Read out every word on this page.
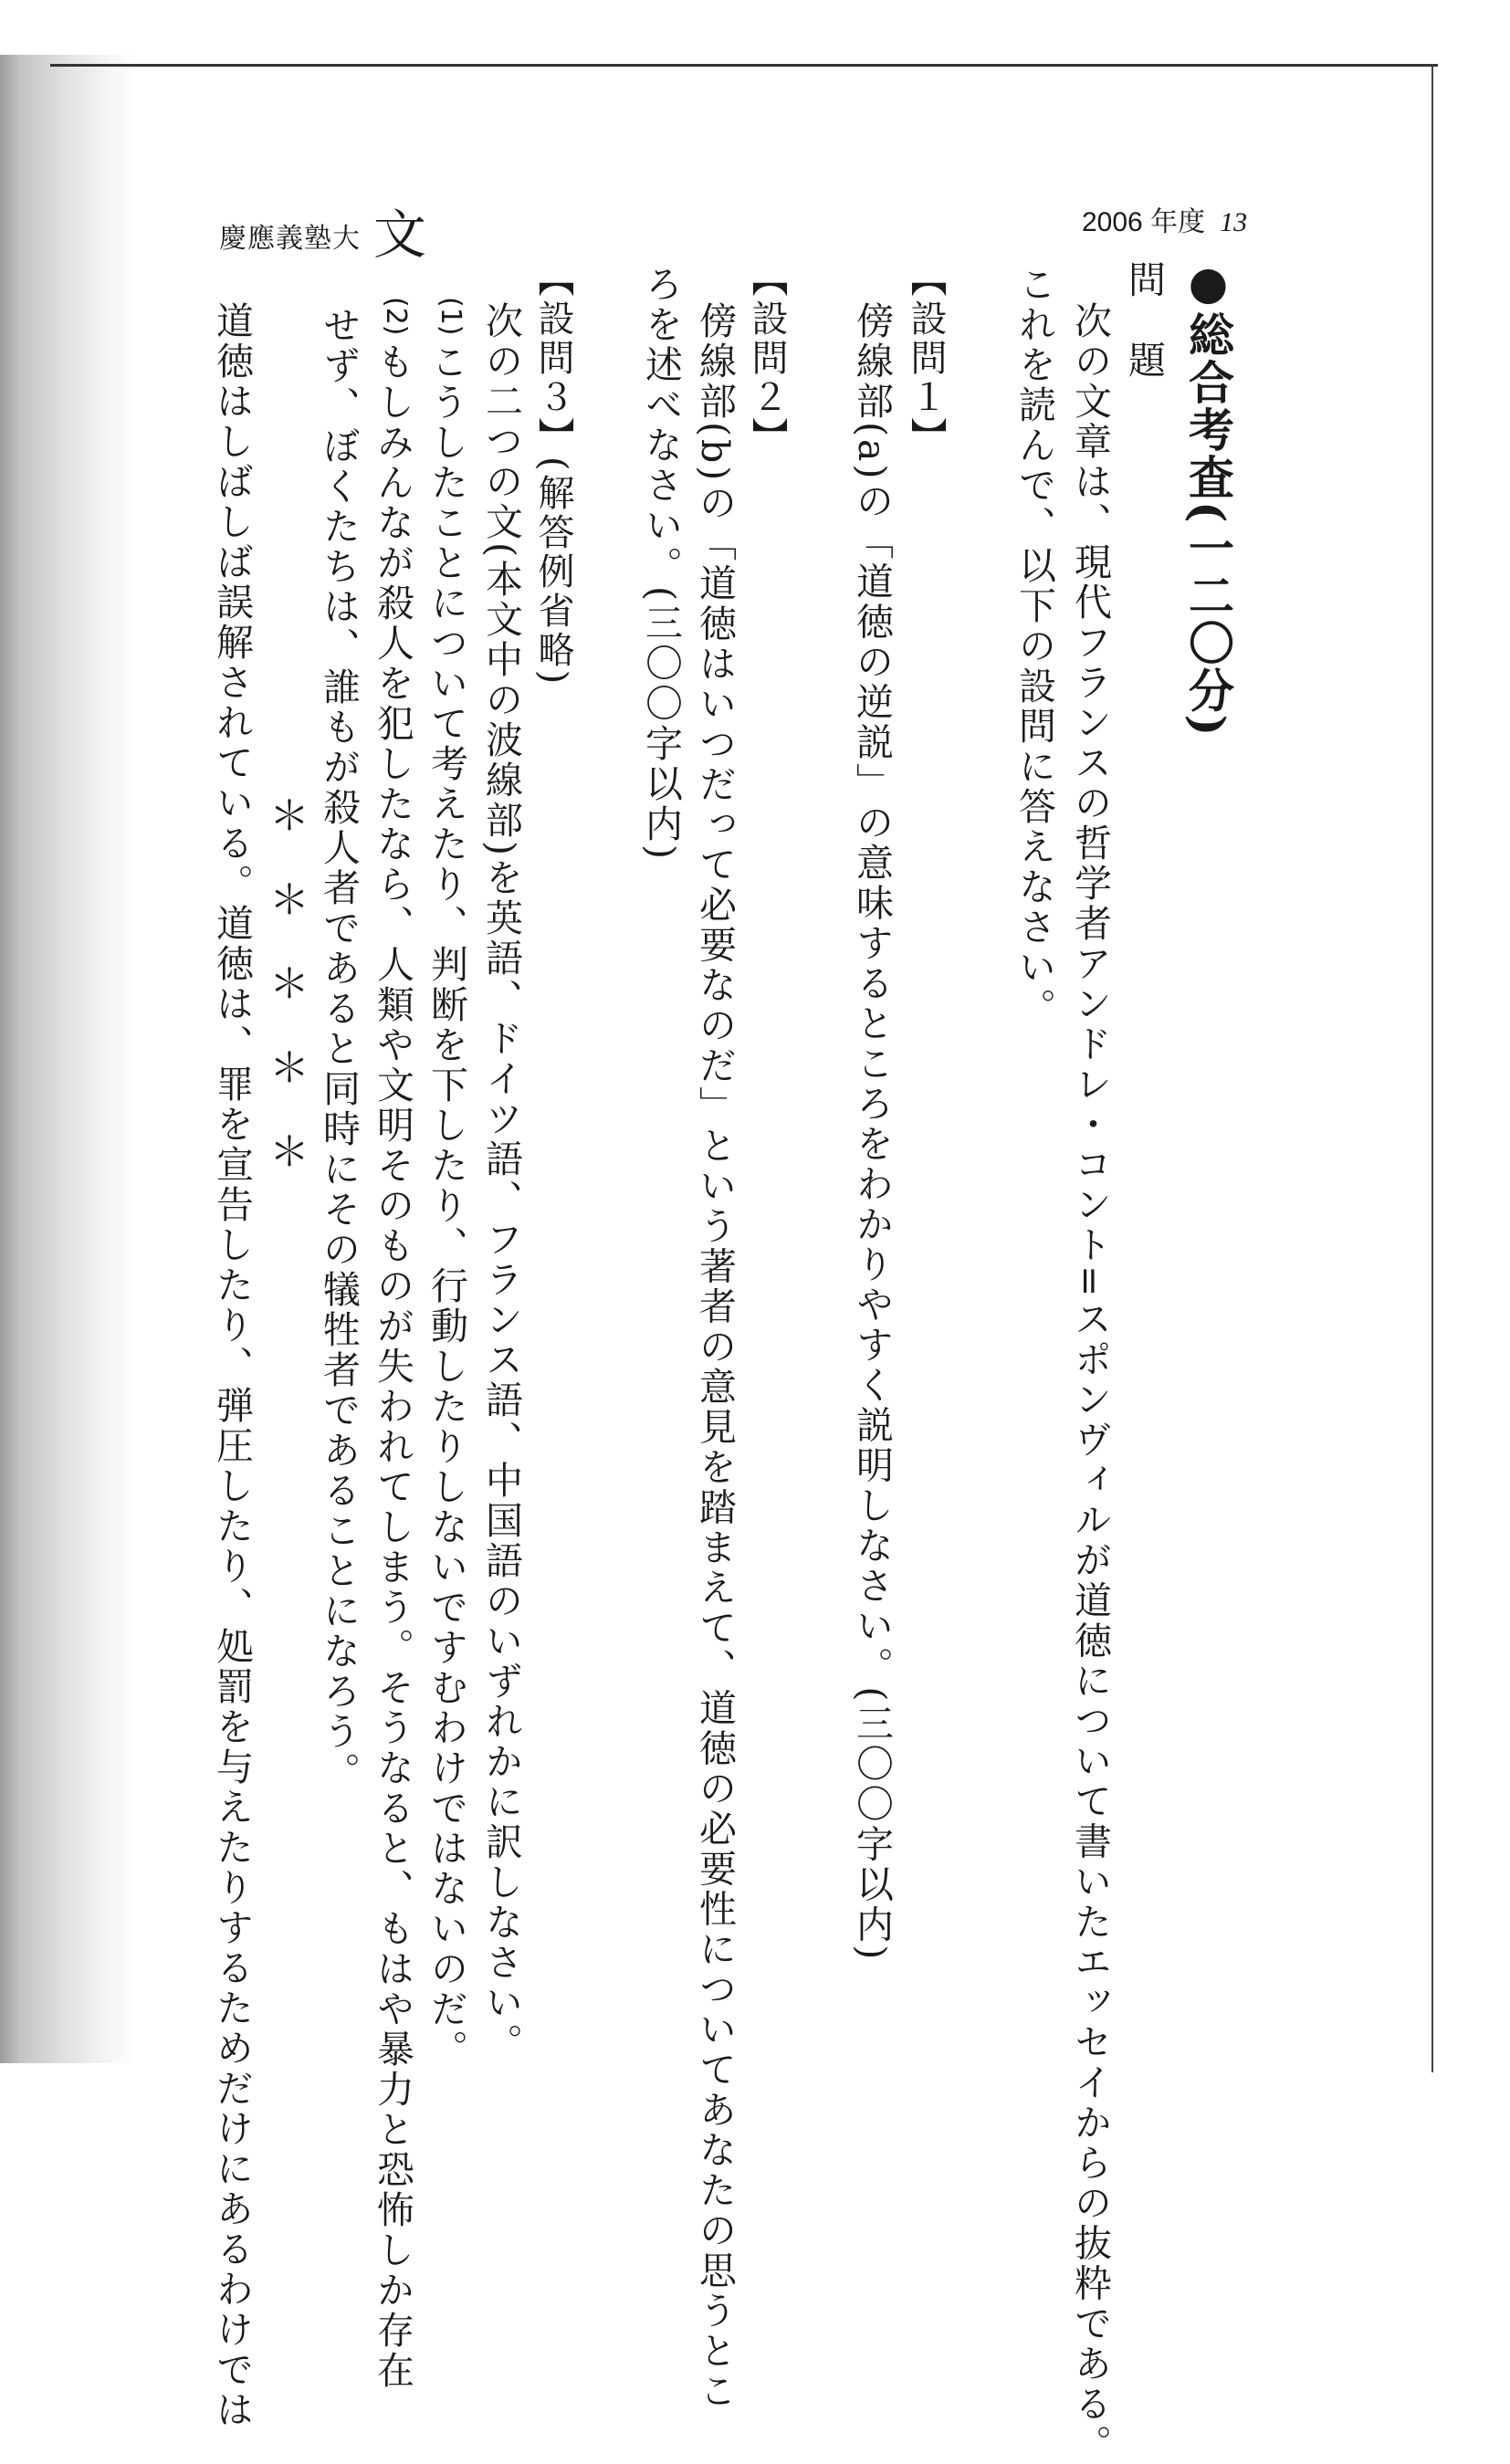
慶應義塾大 文	2006 年度 13
●総合考査(一二〇分)
問　題
次の文章は、現代フランスの哲学者アンドレ・コント=スポンヴィルが道徳について書いたエッセイからの抜粋である。
これを読んで、以下の設問に答えなさい。
【設問１】
傍線部(a)の「道徳の逆説」の意味するところをわかりやすく説明しなさい。(三〇〇字以内)
【設問２】
傍線部(b)の「道徳はいつだって必要なのだ」という著者の意見を踏まえて、道徳の必要性についてあなたの思うとこ
ろを述べなさい。(三〇〇字以内)
【設問３】(解答例省略)
次の二つの文(本文中の波線部)を英語、ドイツ語、フランス語、中国語のいずれかに訳しなさい。
(1)
こうしたことについて考えたり、判断を下したり、行動したりしないですむわけではないのだ。
(2)
もしみんなが殺人を犯したなら、人類や文明そのものが失われてしまう。そうなると、もはや暴力と恐怖しか存在
せず、ぼくたちは、誰もが殺人者であると同時にその犠牲者であることになろう。
＊＊＊＊＊
道徳はしばしば誤解されている。道徳は、罪を宣告したり、弾圧したり、処罰を与えたりするためだけにあるわけでは
